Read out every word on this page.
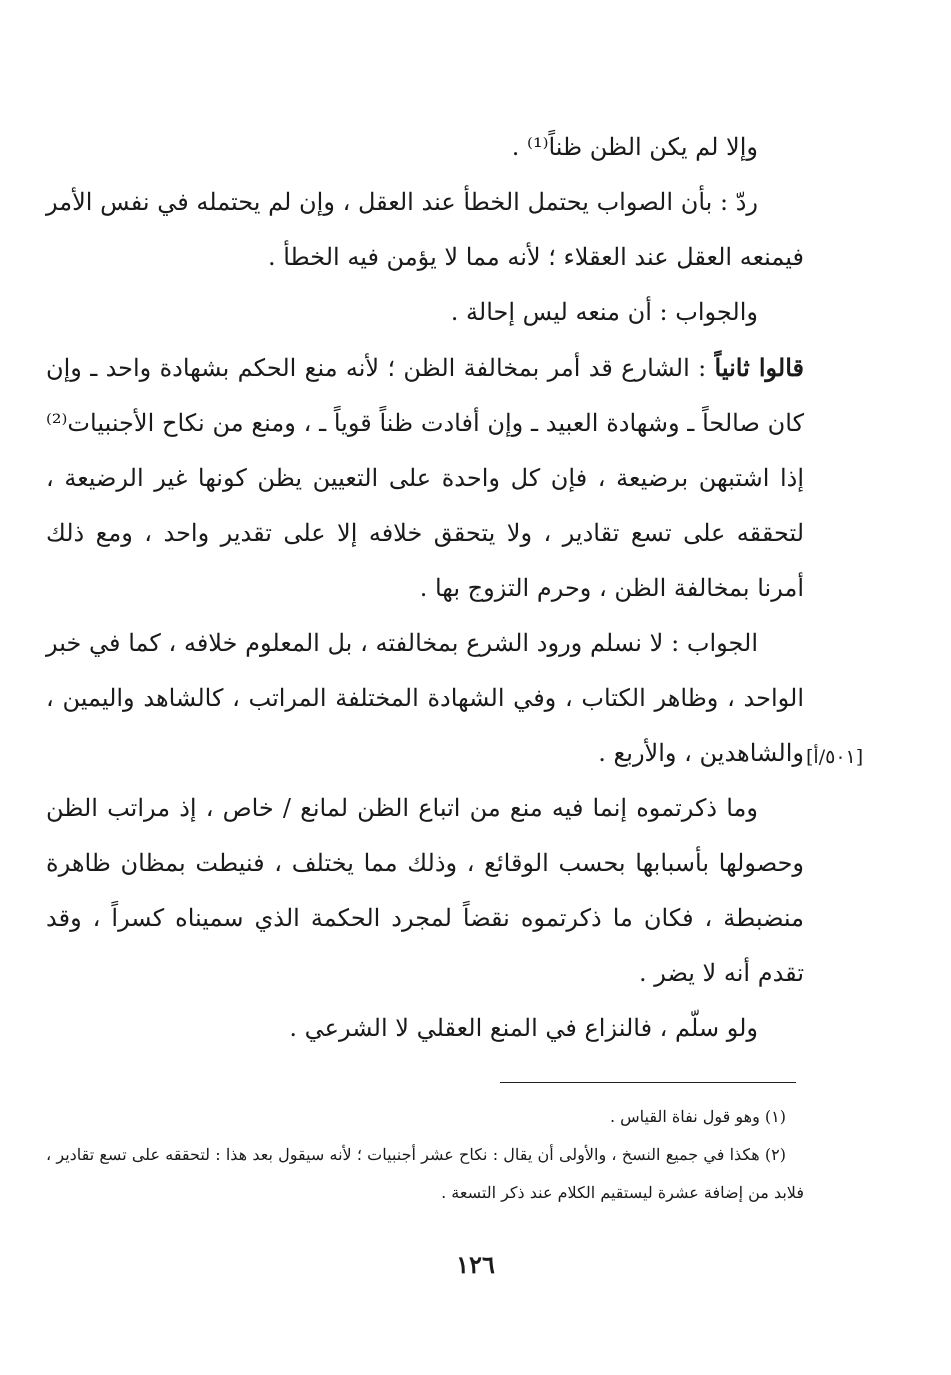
وإلا لم يكن الظن ظناً⁽¹⁾ .

ردّ : بأن الصواب يحتمل الخطأ عند العقل ، وإن لم يحتمله في نفس الأمر فيمنعه العقل عند العقلاء ؛ لأنه مما لا يؤمن فيه الخطأ .

والجواب : أن منعه ليس إحالة .

قالوا ثانياً : الشارع قد أمر بمخالفة الظن ؛ لأنه منع الحكم بشهادة واحد ـ وإن كان صالحاً ـ وشهادة العبيد ـ وإن أفادت ظناً قوياً ـ ، ومنع من نكاح الأجنبيات⁽²⁾ إذا اشتبهن برضيعة ، فإن كل واحدة على التعيين يظن كونها غير الرضيعة ، لتحققه على تسع تقادير ، ولا يتحقق خلافه إلا على تقدير واحد ، ومع ذلك أمرنا بمخالفة الظن ، وحرم التزوج بها .

الجواب : لا نسلم ورود الشرع بمخالفته ، بل المعلوم خلافه ، كما في خبر الواحد ، وظاهر الكتاب ، وفي الشهادة المختلفة المراتب ، كالشاهد واليمين ، والشاهدين ، والأربع .

وما ذكرتموه إنما فيه منع من اتباع الظن لمانع / خاص ، إذ مراتب الظن وحصولها بأسبابها بحسب الوقائع ، وذلك مما يختلف ، فنيطت بمظان ظاهرة منضبطة ، فكان ما ذكرتموه نقضاً لمجرد الحكمة الذي سميناه كسراً ، وقد تقدم أنه لا يضر .

ولو سلّم ، فالنزاع في المنع العقلي لا الشرعي .

[٥٠١/أ]

(١) وهو قول نفاة القياس .

(٢) هكذا في جميع النسخ ، والأولى أن يقال : نكاح عشر أجنبيات ؛ لأنه سيقول بعد هذا : لتحققه على تسع تقادير ، فلابد من إضافة عشرة ليستقيم الكلام عند ذكر التسعة .

١٢٦
